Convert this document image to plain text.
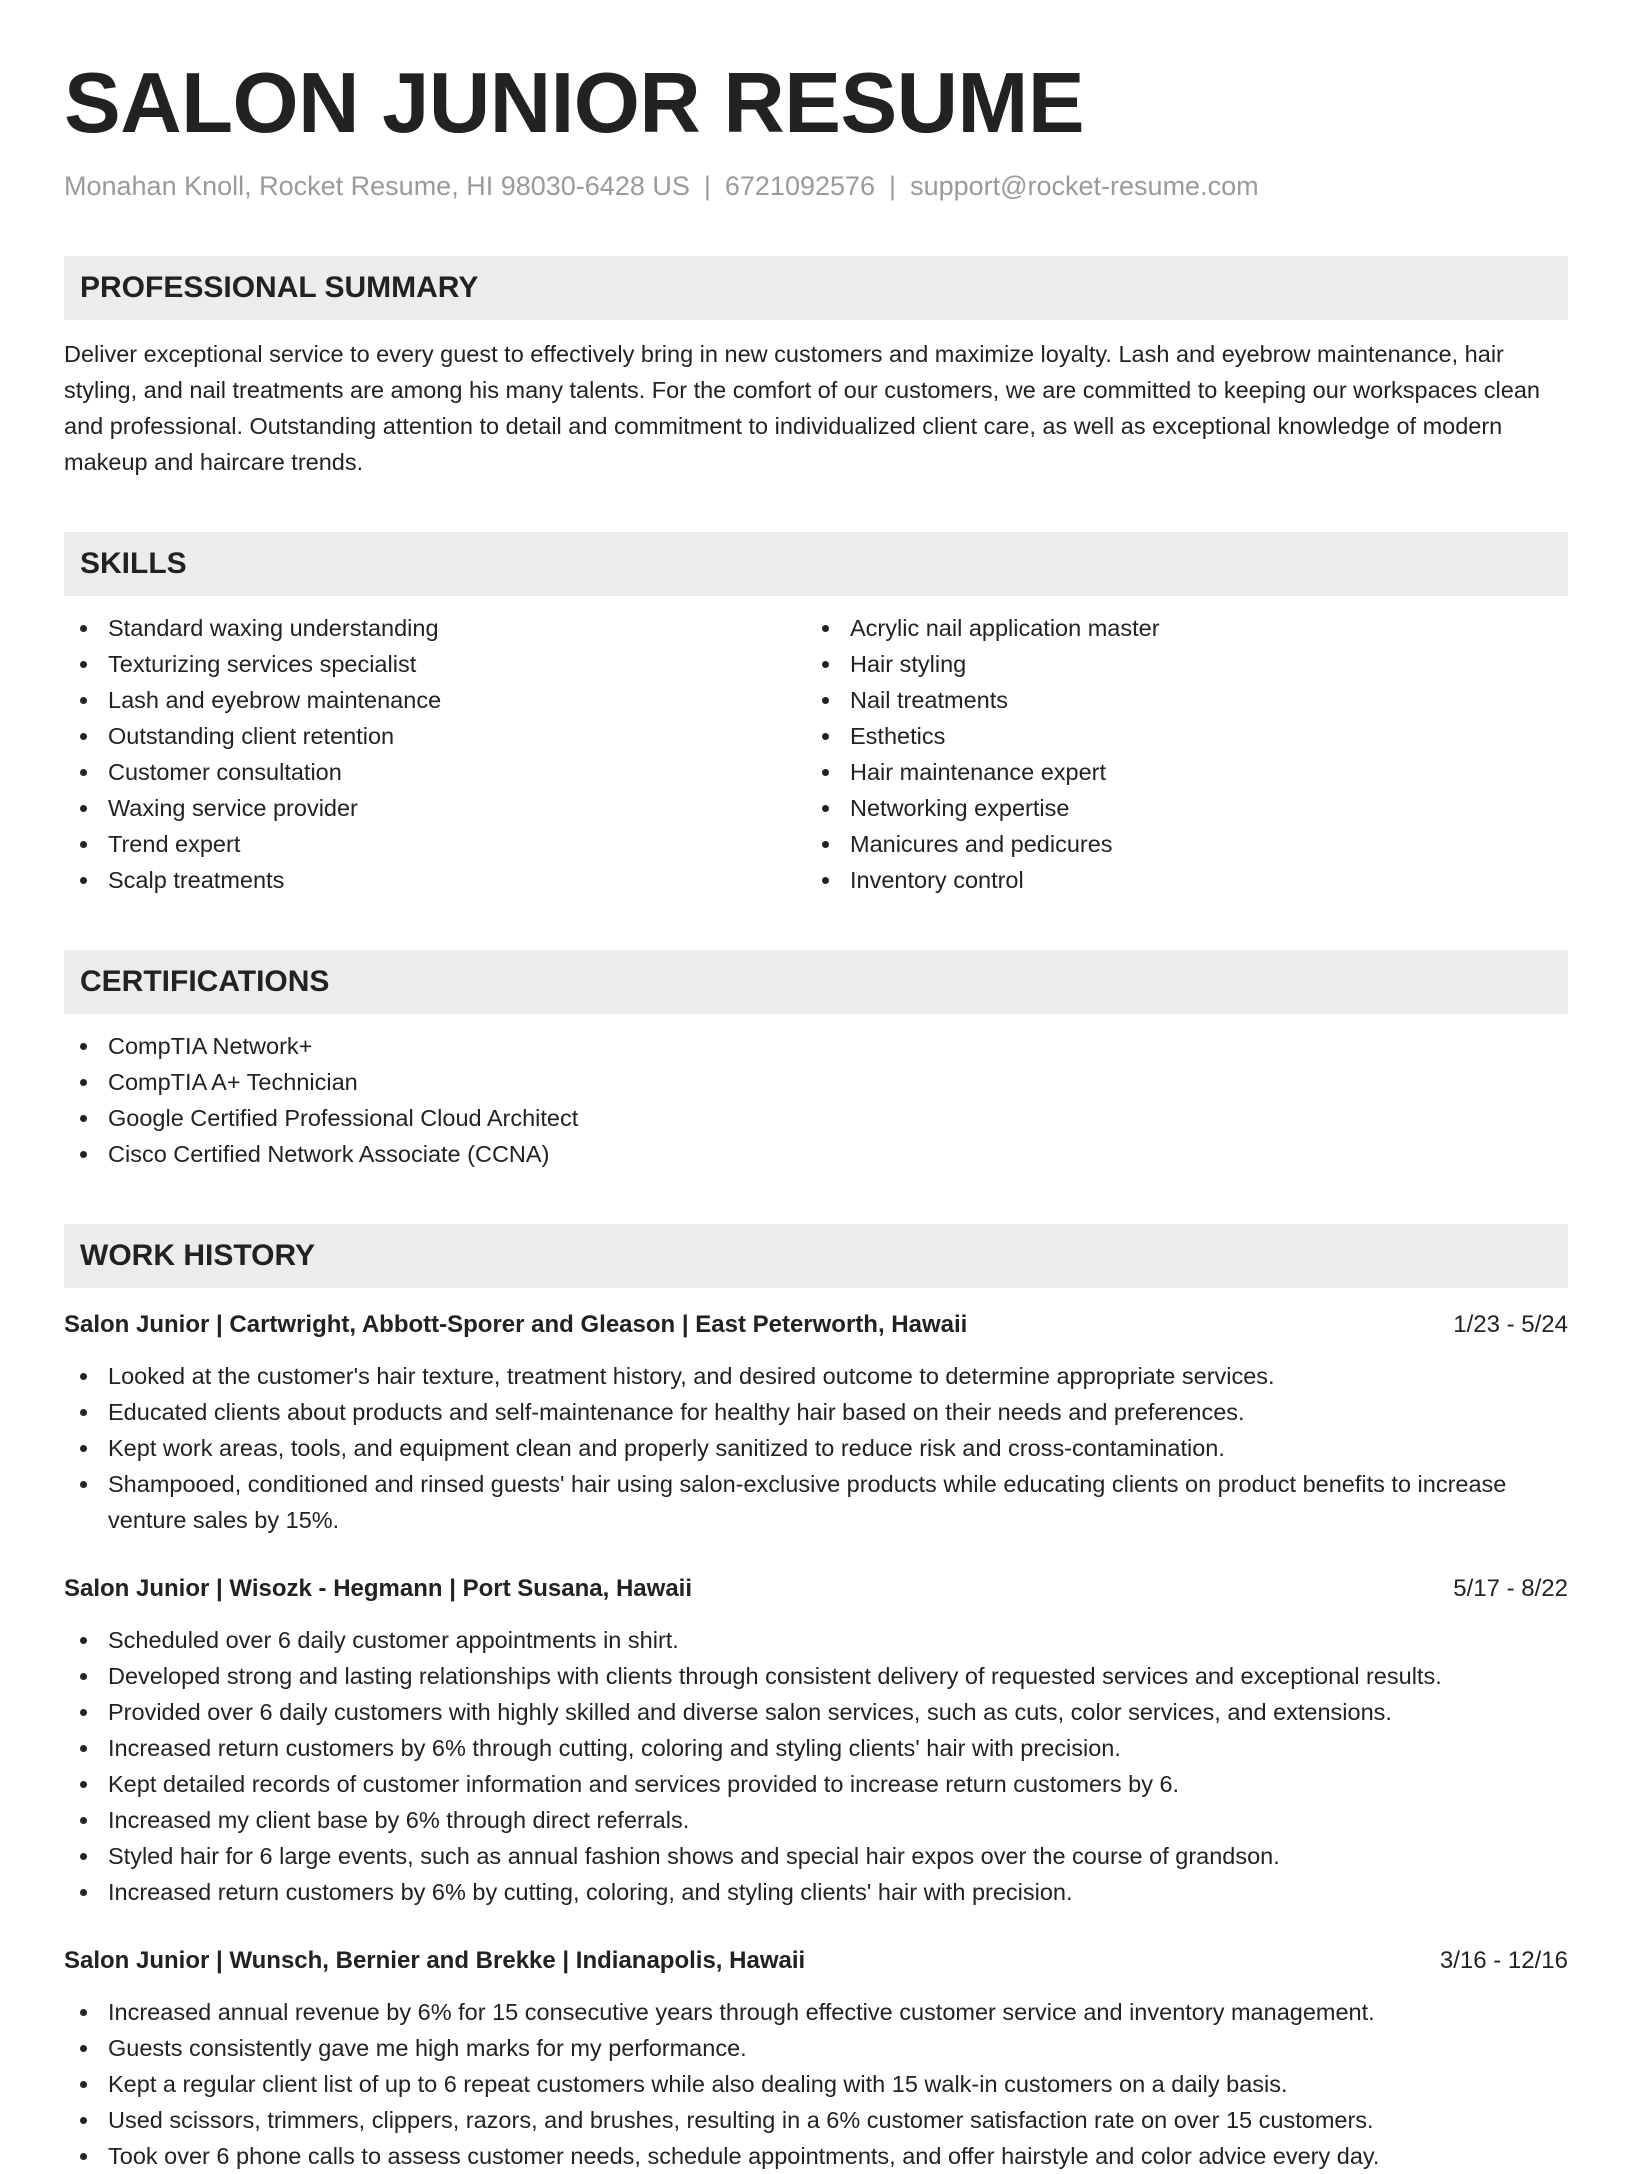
SALON JUNIOR RESUME
Monahan Knoll, Rocket Resume, HI 98030-6428 US | 6721092576 | support@rocket-resume.com
PROFESSIONAL SUMMARY

Deliver exceptional service to every guest to effectively bring in new customers and maximize loyalty. Lash and eyebrow maintenance, hair styling, and nail treatments are among his many talents. For the comfort of our customers, we are committed to keeping our workspaces clean and professional. Outstanding attention to detail and commitment to individualized client care, as well as exceptional knowledge of modern makeup and haircare trends.

SKILLS
Standard waxing understanding
Texturizing services specialist
Lash and eyebrow maintenance
Outstanding client retention
Customer consultation
Waxing service provider
Trend expert
Scalp treatments
Acrylic nail application master
Hair styling
Nail treatments
Esthetics
Hair maintenance expert
Networking expertise
Manicures and pedicures
Inventory control
CERTIFICATIONS
CompTIA Network+
CompTIA A+ Technician
Google Certified Professional Cloud Architect
Cisco Certified Network Associate (CCNA)
WORK HISTORY
Salon Junior | Cartwright, Abbott-Sporer and Gleason | East Peterworth, Hawaii	1/23 - 5/24
Looked at the customer's hair texture, treatment history, and desired outcome to determine appropriate services.
Educated clients about products and self-maintenance for healthy hair based on their needs and preferences.
Kept work areas, tools, and equipment clean and properly sanitized to reduce risk and cross-contamination.
Shampooed, conditioned and rinsed guests' hair using salon-exclusive products while educating clients on product benefits to increase venture sales by 15%.
Salon Junior | Wisozk - Hegmann | Port Susana, Hawaii	5/17 - 8/22
Scheduled over 6 daily customer appointments in shirt.
Developed strong and lasting relationships with clients through consistent delivery of requested services and exceptional results.
Provided over 6 daily customers with highly skilled and diverse salon services, such as cuts, color services, and extensions.
Increased return customers by 6% through cutting, coloring and styling clients' hair with precision.
Kept detailed records of customer information and services provided to increase return customers by 6.
Increased my client base by 6% through direct referrals.
Styled hair for 6 large events, such as annual fashion shows and special hair expos over the course of grandson.
Increased return customers by 6% by cutting, coloring, and styling clients' hair with precision.
Salon Junior | Wunsch, Bernier and Brekke | Indianapolis, Hawaii	3/16 - 12/16
Increased annual revenue by 6% for 15 consecutive years through effective customer service and inventory management.
Guests consistently gave me high marks for my performance.
Kept a regular client list of up to 6 repeat customers while also dealing with 15 walk-in customers on a daily basis.
Used scissors, trimmers, clippers, razors, and brushes, resulting in a 6% customer satisfaction rate on over 15 customers.
Took over 6 phone calls to assess customer needs, schedule appointments, and offer hairstyle and color advice every day.
